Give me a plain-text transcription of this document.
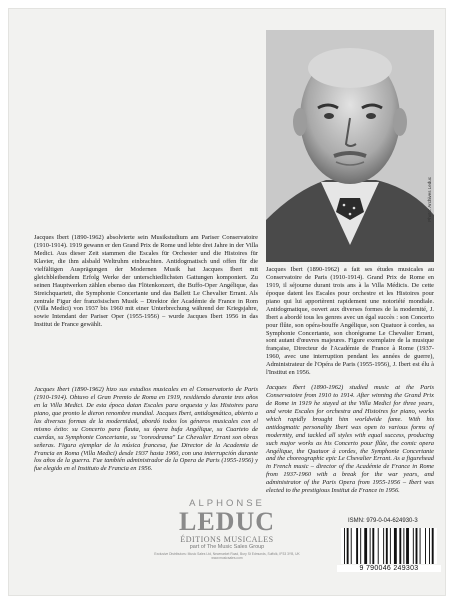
Photo: Archives Leduc

Jacques Ibert (1890-1962) absolvierte sein Musikstudium am Pariser Conservatoire (1910-1914). 1919 gewann er den Grand Prix de Rome und lebte drei Jahre in der Villa Medici. Aus dieser Zeit stammen die Escales für Orchester und die Histoires für Klavier, die ihm alsbald Weltruhm einbrachten. Antidogmatisch und offen für die vielfältigen Ausprägungen der Modernen Musik hat Jacques Ibert mit gleichbleibendem Erfolg Werke der unterschiedlichsten Gattungen komponiert. Zu seinen Hauptwerken zählen ebenso das Flötenkonzert, die Buffo-Oper Angélique, das Streichquartett, die Symphonie Concertante und das Ballett Le Chevalier Errant. Als zentrale Figur der französischen Musik – Direktor der Académie de France in Rom (Villa Medici) von 1937 bis 1960 mit einer Unterbrechung während der Kriegsjahre, sowie Intendant der Pariser Oper (1955-1956) – wurde Jacques Ibert 1956 in das Institut de France gewählt.

Jacques Ibert (1890-1962) a fait ses études musicales au Conservatoire de Paris (1910-1914). Grand Prix de Rome en 1919, il séjourne durant trois ans à la Villa Médicis. De cette époque datent les Escales pour orchestre et les Histoires pour piano qui lui apportèrent rapidement une notoriété mondiale. Antidogmatique, ouvert aux diverses formes de la modernité, J. Ibert a abordé tous les genres avec un égal succès : son Concerto pour flûte, son opéra-bouffe Angélique, son Quatuor à cordes, sa Symphonie Concertante, son chorégrame Le Chevalier Errant, sont autant d'œuvres majeures. Figure exemplaire de la musique française, Directeur de l'Académie de France à Rome (1937-1960, avec une interruption pendant les années de guerre), Administrateur de l'Opéra de Paris (1955-1956), J. Ibert est élu à l'Institut en 1956.

Jacques Ibert (1890-1962) hizo sus estudios musicales en el Conservatorio de Paris (1910-1914). Obtuvo el Gran Premio de Roma en 1919, residiendo durante tres años en la Villa Medici. De esta época datan Escales para orquesta y las Histoires para piano, que pronto le dieron renombre mundial. Jacques Ibert, antidogmático, abierto a las diversas formas de la modernidad, abordó todos los géneros musicales con el mismo éxito: su Concerto para flauta, su ópera bufa Angélique, su Cuarteto de cuerdas, su Symphonie Concertante, su "coreodrama" Le Chevalier Errant son obras señeras. Figura ejemplar de la música francesa, fue Director de la Academia de Francia en Roma (Villa Medici) desde 1937 hasta 1960, con una interrupción durante los años de la guerra. Fue también administrador de la Opera de Paris (1955-1956) y fue elegido en el Instituto de Francia en 1956.

Jacques Ibert (1890-1962) studied music at the Paris Conservatoire from 1910 to 1914. After winning the Grand Prix de Rome in 1919 he stayed at the Villa Medici for three years, and wrote Escales for orchestra and Histoires for piano, works which rapidly brought him worldwide fame. With his antidogmatic personality Ibert was open to various forms of modernity, and tackled all styles with equal success, producing such major works as his Concerto pour flûte, the comic opera Angélique, the Quatuor à cordes, the Symphonie Concertante and the choreographic epic Le Chevalier Errant. As a figurehead in French music – director of the Académie de France in Rome from 1937-1960 with a break for the war years, and administrator of the Paris Opera from 1955-1956 – Ibert was elected to the prestigious Institut de France in 1956.

ALPHONSE
LEDUC
ÉDITIONS MUSICALES
part of The Music Sales Group
Exclusive Distributors: Music Sales Ltd, Newmarket Road, Bury St Edmunds, Suffolk, IP33 3YB, UK
www.musicsales.com
ISMN: 979-0-04-624930-3
9 790046 249303
